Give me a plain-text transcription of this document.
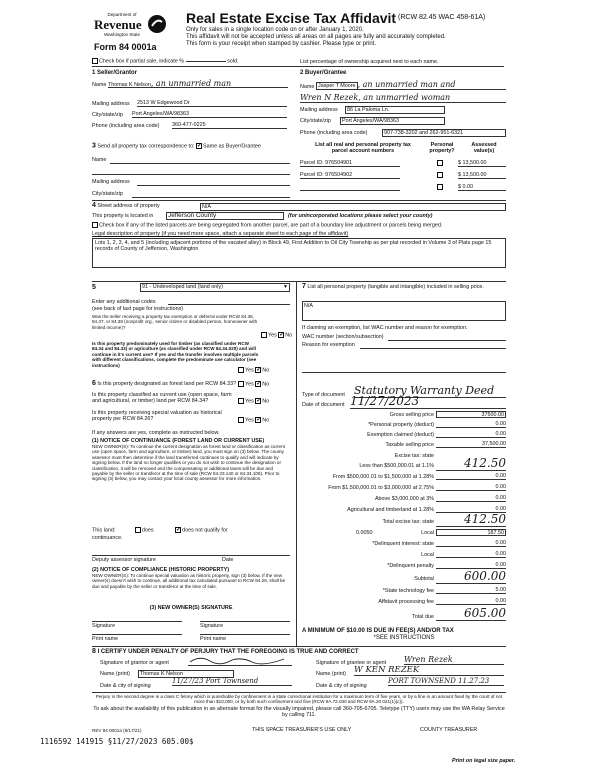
Department of
Revenue
Washington State
Form 84 0001a
Real Estate Excise Tax Affidavit (RCW 82.45 WAC 458-61A)
Only for sales in a single location code on or after January 1, 2020.
This affidavit will not be accepted unless all areas on all pages are fully and accurately completed.
This form is your receipt when stamped by cashier. Please type or print.
Check box if partial sale, indicate %	sold.	List percentage of ownership acquired next to each name.
1 Seller/Grantor
Name Thomas K Nelson, an unmarried man
Mailing address 2513 W Edgewood Dr
City/state/zip Port Angeles/WA/98363
Phone (including area code) 360-477-0225
2 Buyer/Grantee
Name Jasper T Moore , an unmarried man and
Wren N Rezek, an unmarried woman
Mailing address	86 La Paloma Ln.
City/state/zip	Port Angeles/WA/98363
Phone (including area code)	907-738-3202 and 262-951-6321
3 Send all property tax correspondence to: ✓Same as Buyer/Grantee
Name
Mailing address
City/state/zip
List all real and personal property tax
parcel account numbers
Personal
property?
Assessed
value(s)
Parcel ID: 976504901	$ 13,500.00
Parcel ID: 976504902	$ 13,500.00
$ 0.00
4 Street address of property	N/A
This property is located in	Jefferson County	(for unincorporated locations please select your county)
Check box if any of the listed parcels are being segregated from another parcel, are part of a boundary line adjustment or parcels being merged.
Legal description of property (if you need more space, attach a separate sheet to each page of the affidavit)
Lots 1, 2, 3, 4, and 5 (including adjacent portions of the vacated alley) in Block 49, First Addition to Oil City Township as per plat recorded in Volume 3 of Plats page 15 records of County of Jefferson, Washington
5	91 - Undeveloped land (land only)	▼
Enter any additional codes
(see back of last page for instructions)
Was the seller receiving a property tax exemption or deferral under RCW 84.36, 84.37, or 84.38 (nonprofit org., senior citizen or disabled person, homeowner with limited income)?
Yes ✓No
Is this property predominately used for timber (as classified under RCW 84.34 and 84.33) or agriculture (as classified under RCW 84.34.020) and will continue in it's current use? If yes and the transfer involves multiple parcels with different classifications, complete the predominate use calculator (see instructions)
Yes ✓No
6 Is this property designated as forest land per RCW 84.33?	Yes ✓No
Is this property classified as current use (open space, farm and agricultural, or timber) land per RCW 84.34?	Yes ✓No
Is this property receiving special valuation as historical property per RCW 84.26?	Yes ✓No
If any answers are yes, complete as instructed below.
(1) NOTICE OF CONTINUANCE (FOREST LAND OR CURRENT USE)
NEW OWNER(S): To continue the current designation as forest land or classification as current use (open space, farm and agriculture, or timber) land, you must sign on (3) below. The county assessor must then determine if the land transferred continues to qualify and will indicate by signing below. If the land no longer qualifies or you do not wish to continue the designation or classification, it will be removed and the compensating or additional taxes will be due and payable by the seller or transferor at the time of sale (RCW 84.33.140 or 84.34.108). Prior to signing (3) below, you may contact your local county assessor for more information.
This land:	does	✓does not qualify for
continuance.
Deputy assessor signature	Date
(2) NOTICE OF COMPLIANCE (HISTORIC PROPERTY)
NEW OWNER(S): To continue special valuation as historic property, sign (3) below. If the new owner(s) doesn't wish to continue, all additional tax calculated pursuant to RCW 84.26, shall be due and payable by the seller or transferor at the time of sale.
(3) NEW OWNER(S) SIGNATURE
Signature	Signature
Print name	Print name
7 List all personal property (tangible and intangible) included in selling price.
N/A
If claiming an exemption, list WAC number and reason for exemption.
WAC number (section/subsection)
Reason for exemption
Type of document Statutory Warranty Deed
Date of document 11/27/2023
Gross selling price	37500.00
*Personal property (deduct)	0.00
Exemption claimed (deduct)	0.00
Taxable selling price	37,500.00
Excise tax: state
Less than $500,000.01 at 1.1%	412.50
From $500,000.01 to $1,500,000 at 1.28%	0.00
From $1,500,000.01 to $3,000,000 at 2.75%	0.00
Above $3,000,000 at 3%	0.00
Agricultural and timberland at 1.28%	0.00
Total excise tax: state	412.50
0.0050	Local	187.50
*Delinquent interest: state	0.00
Local	0.00
*Delinquent penalty	0.00
Subtotal	600.00
*State technology fee	5.00
Affidavit processing fee	0.00
Total due	605.00
A MINIMUM OF $10.00 IS DUE IN FEE(S) AND/OR TAX
*SEE INSTRUCTIONS
8 I CERTIFY UNDER PENALTY OF PERJURY THAT THE FOREGOING IS TRUE AND CORRECT
Signature of grantor or agent	Signature of grantee or agent Wren Rezek
Name (print)	Thomas K Nelson	Name (print) W KEN REZEK
Date & city of signing
11/27/23 Port Townsend
Date & city of signing
PORT TOWNSEND 11.27.23
Perjury in the second degree is a class C felony which is punishable by confinement in a state correctional institution for a maximum term of five years, or by a fine in an amount fixed by the court of not more than $10,000, or by both such confinement and fine (RCW 9A.72.030 and RCW 9A.20.021(1)(c)).
To ask about the availability of this publication in an alternate format for the visually impaired, please call 360-705-6705. Teletype (TTY) users may use the WA Relay Service by calling 711.
REV 84 0001a (9/17/21)	THIS SPACE TREASURER'S USE ONLY	COUNTY TREASURER
1116592 141915 §11/27/2023 605.00$
Print on legal size paper.
